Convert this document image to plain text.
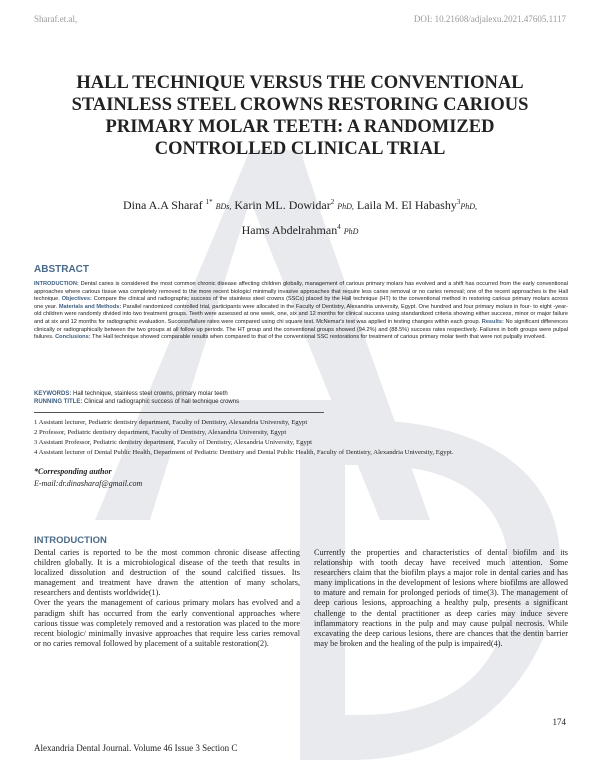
Sharaf.et.al,	DOI: 10.21608/adjalexu.2021.47605.1117
HALL TECHNIQUE VERSUS THE CONVENTIONAL
STAINLESS STEEL CROWNS RESTORING CARIOUS
PRIMARY MOLAR TEETH: A RANDOMIZED
CONTROLLED CLINICAL TRIAL
Dina A.A Sharaf $^{1*}$ BDs, Karin ML. Dowidar$^2$ PhD, Laila M. El Habashy$^3$PhD,
Hams Abdelrahman$^4$ PhD
ABSTRACT

INTRODUCTION: Dental caries is considered the most common chronic disease affecting children globally, management of carious primary molars has evolved and a shift has occurred from the early conventional approaches where carious tissue was completely removed to the more recent biologic/ minimally invasive approaches that require less caries removal or no caries removal; one of the recent approaches is the Hall technique. Objectives: Compare the clinical and radiographic success of the stainless steel crowns (SSCs) placed by the Hall technique (HT) to the conventional method in restoring carious primary molars across one year. Materials and Methods: Parallel randomized controlled trial, participants were allocated in the Faculty of Dentistry, Alexandria university, Egypt. One hundred and four primary molars in four- to eight -year-old children were randomly divided into two treatment groups. Teeth were assessed at one week, one, six and 12 months for clinical success using standardized criteria showing either success, minor or major failure and at six and 12 months for radiographic evaluation. Success/failure rates were compared using chi square test. McNemar's test was applied in testing changes within each group. Results: No significant differences clinically or radiographically between the two groups at all follow up periods. The HT group and the conventional groups showed (94.2%) and (88.5%) success rates respectively. Failures in both groups were pulpal failures. Conclusions: The Hall technique showed comparable results when compared to that of the conventional SSC restorations for treatment of carious primary molar teeth that were not pulpally involved.

KEYWORDS: Hall technique, stainless steel crowns, primary molar teeth
RUNNING TITLE: Clinical and radiographic success of hall technique crowns
1 Assistant lecturer, Pediatric dentistry department, Faculty of Dentistry, Alexandria University, Egypt
2 Professor, Pediatric dentistry department, Faculty of Dentistry, Alexandria University, Egypt
3 Assistant Professor, Pediatric dentistry department, Faculty of Dentistry, Alexandria University, Egypt
4 Assistant lecturer of Dental Public Health, Department of Pediatric Dentistry and Dental Public Health, Faculty of Dentistry, Alexandria University, Egypt.
*Corresponding author
E-mail:dr.dinasharaf@gmail.com
INTRODUCTION

Dental caries is reported to be the most common chronic disease affecting children globally. It is a microbiological disease of the teeth that results in localized dissolution and destruction of the sound calcified tissues. Its management and treatment have drawn the attention of many scholars, researchers and dentists worldwide(1).

Over the years the management of carious primary molars has evolved and a paradigm shift has occurred from the early conventional approaches where carious tissue was completely removed and a restoration was placed to the more recent biologic/ minimally invasive approaches that require less caries removal or no caries removal followed by placement of a suitable restoration(2).

Currently the properties and characteristics of dental biofilm and its relationship with tooth decay have received much attention. Some researchers claim that the biofilm plays a major role in dental caries and has many implications in the development of lesions where biofilms are allowed to mature and remain for prolonged periods of time(3). The management of deep carious lesions, approaching a healthy pulp, presents a significant challenge to the dental practitioner as deep caries may induce severe inflammatory reactions in the pulp and may cause pulpal necrosis. While excavating the deep carious lesions, there are chances that the dentin barrier may be broken and the healing of the pulp is impaired(4).

174
Alexandria Dental Journal. Volume 46 Issue 3 Section C
